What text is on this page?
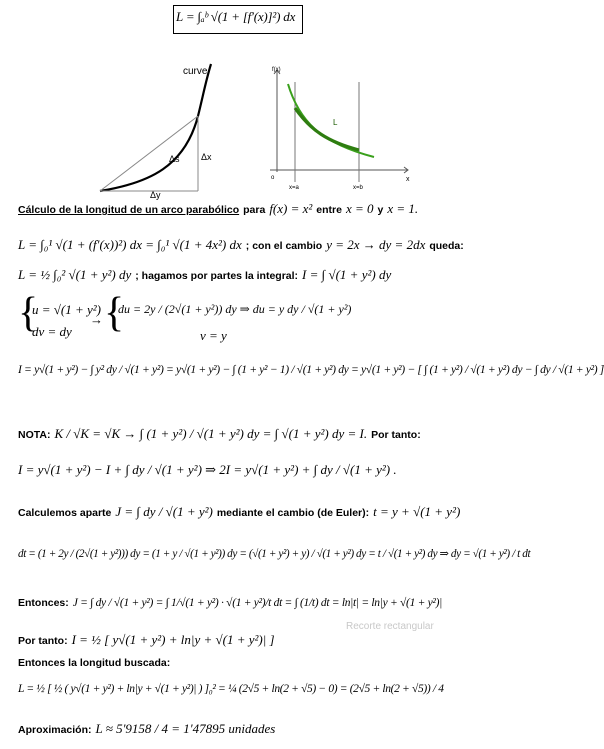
L = ∫ₐᵇ √(1 + [f′(x)]²) dx
curve
Δs Δx
Δy
f(x)
L
o	x
x=a	x=b
Cálculo de la longitud de un arco parabólico para f(x) = x² entre x = 0 y x = 1.
L = ∫₀¹ √(1 + (f′(x))²) dx = ∫₀¹ √(1 + 4x²) dx ; con el cambio y = 2x → dy = 2dx queda:
L = ½ ∫₀² √(1 + y²) dy ; hagamos por partes la integral: I = ∫ √(1 + y²) dy
{
u = √(1 + y²)
dv = dy
→ {
du = 2y / (2√(1 + y²)) dy ⇒ du = y dy / √(1 + y²)
v = y
I = y√(1 + y²) − ∫ y² dy / √(1 + y²) = y√(1 + y²) − ∫ (1 + y² − 1) / √(1 + y²) dy = y√(1 + y²) − [ ∫ (1 + y²) / √(1 + y²) dy − ∫ dy / √(1 + y²) ]
NOTA: K / √K = √K → ∫ (1 + y²) / √(1 + y²) dy = ∫ √(1 + y²) dy = I. Por tanto:
I = y√(1 + y²) − I + ∫ dy / √(1 + y²) ⇒ 2I = y√(1 + y²) + ∫ dy / √(1 + y²) .
Calculemos aparte J = ∫ dy / √(1 + y²) mediante el cambio (de Euler): t = y + √(1 + y²)
dt = (1 + 2y / (2√(1 + y²))) dy = (1 + y / √(1 + y²)) dy = (√(1 + y²) + y) / √(1 + y²) dy = t / √(1 + y²) dy ⇒ dy = √(1 + y²) / t dt
Entonces: J = ∫ dy / √(1 + y²) = ∫ 1/√(1 + y²) · √(1 + y²)/t dt = ∫ (1/t) dt = ln|t| = ln|y + √(1 + y²)|
Recorte rectangular
Por tanto: I = ½ [ y√(1 + y²) + ln|y + √(1 + y²)| ]
Entonces la longitud buscada:
L = ½ [ ½ ( y√(1 + y²) + ln|y + √(1 + y²)| ) ]₀² = ¼ (2√5 + ln(2 + √5) − 0) = (2√5 + ln(2 + √5)) / 4
Aproximación: L ≈ 5'9158 / 4 = 1'47895 unidades
